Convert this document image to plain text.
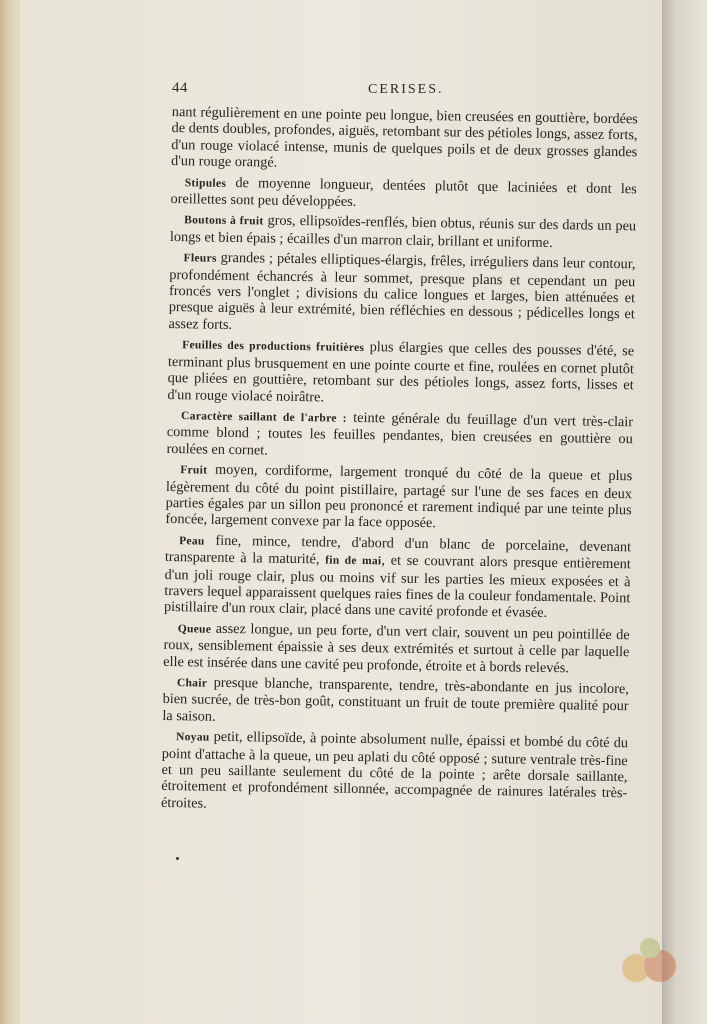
44	CERISES.

nant régulièrement en une pointe peu longue, bien creusées en gouttière, bordées de dents doubles, profondes, aiguës, retombant sur des pétioles longs, assez forts, d'un rouge violacé intense, munis de quelques poils et de deux grosses glandes d'un rouge orangé.

Stipules de moyenne longueur, dentées plutôt que laciniées et dont les oreillettes sont peu développées.

Boutons à fruit gros, ellipsoïdes-renflés, bien obtus, réunis sur des dards un peu longs et bien épais ; écailles d'un marron clair, brillant et uniforme.

Fleurs grandes ; pétales elliptiques-élargis, frêles, irréguliers dans leur contour, profondément échancrés à leur sommet, presque plans et cependant un peu froncés vers l'onglet ; divisions du calice longues et larges, bien atténuées et presque aiguës à leur extrémité, bien réfléchies en dessous ; pédicelles longs et assez forts.

Feuilles des productions fruitières plus élargies que celles des pousses d'été, se terminant plus brusquement en une pointe courte et fine, roulées en cornet plutôt que pliées en gouttière, retombant sur des pétioles longs, assez forts, lisses et d'un rouge violacé noirâtre.

Caractère saillant de l'arbre : teinte générale du feuillage d'un vert très-clair comme blond ; toutes les feuilles pendantes, bien creusées en gouttière ou roulées en cornet.

Fruit moyen, cordiforme, largement tronqué du côté de la queue et plus légèrement du côté du point pistillaire, partagé sur l'une de ses faces en deux parties égales par un sillon peu prononcé et rarement indiqué par une teinte plus foncée, largement convexe par la face opposée.

Peau fine, mince, tendre, d'abord d'un blanc de porcelaine, devenant transparente à la maturité, fin de mai, et se couvrant alors presque entièrement d'un joli rouge clair, plus ou moins vif sur les parties les mieux exposées et à travers lequel apparaissent quelques raies fines de la couleur fondamentale. Point pistillaire d'un roux clair, placé dans une cavité profonde et évasée.

Queue assez longue, un peu forte, d'un vert clair, souvent un peu pointillée de roux, sensiblement épaissie à ses deux extrémités et surtout à celle par laquelle elle est insérée dans une cavité peu profonde, étroite et à bords relevés.

Chair presque blanche, transparente, tendre, très-abondante en jus incolore, bien sucrée, de très-bon goût, constituant un fruit de toute première qualité pour la saison.

Noyau petit, ellipsoïde, à pointe absolument nulle, épaissi et bombé du côté du point d'attache à la queue, un peu aplati du côté opposé ; suture ventrale très-fine et un peu saillante seulement du côté de la pointe ; arête dorsale saillante, étroitement et profondément sillonnée, accompagnée de rainures latérales très-étroites.
